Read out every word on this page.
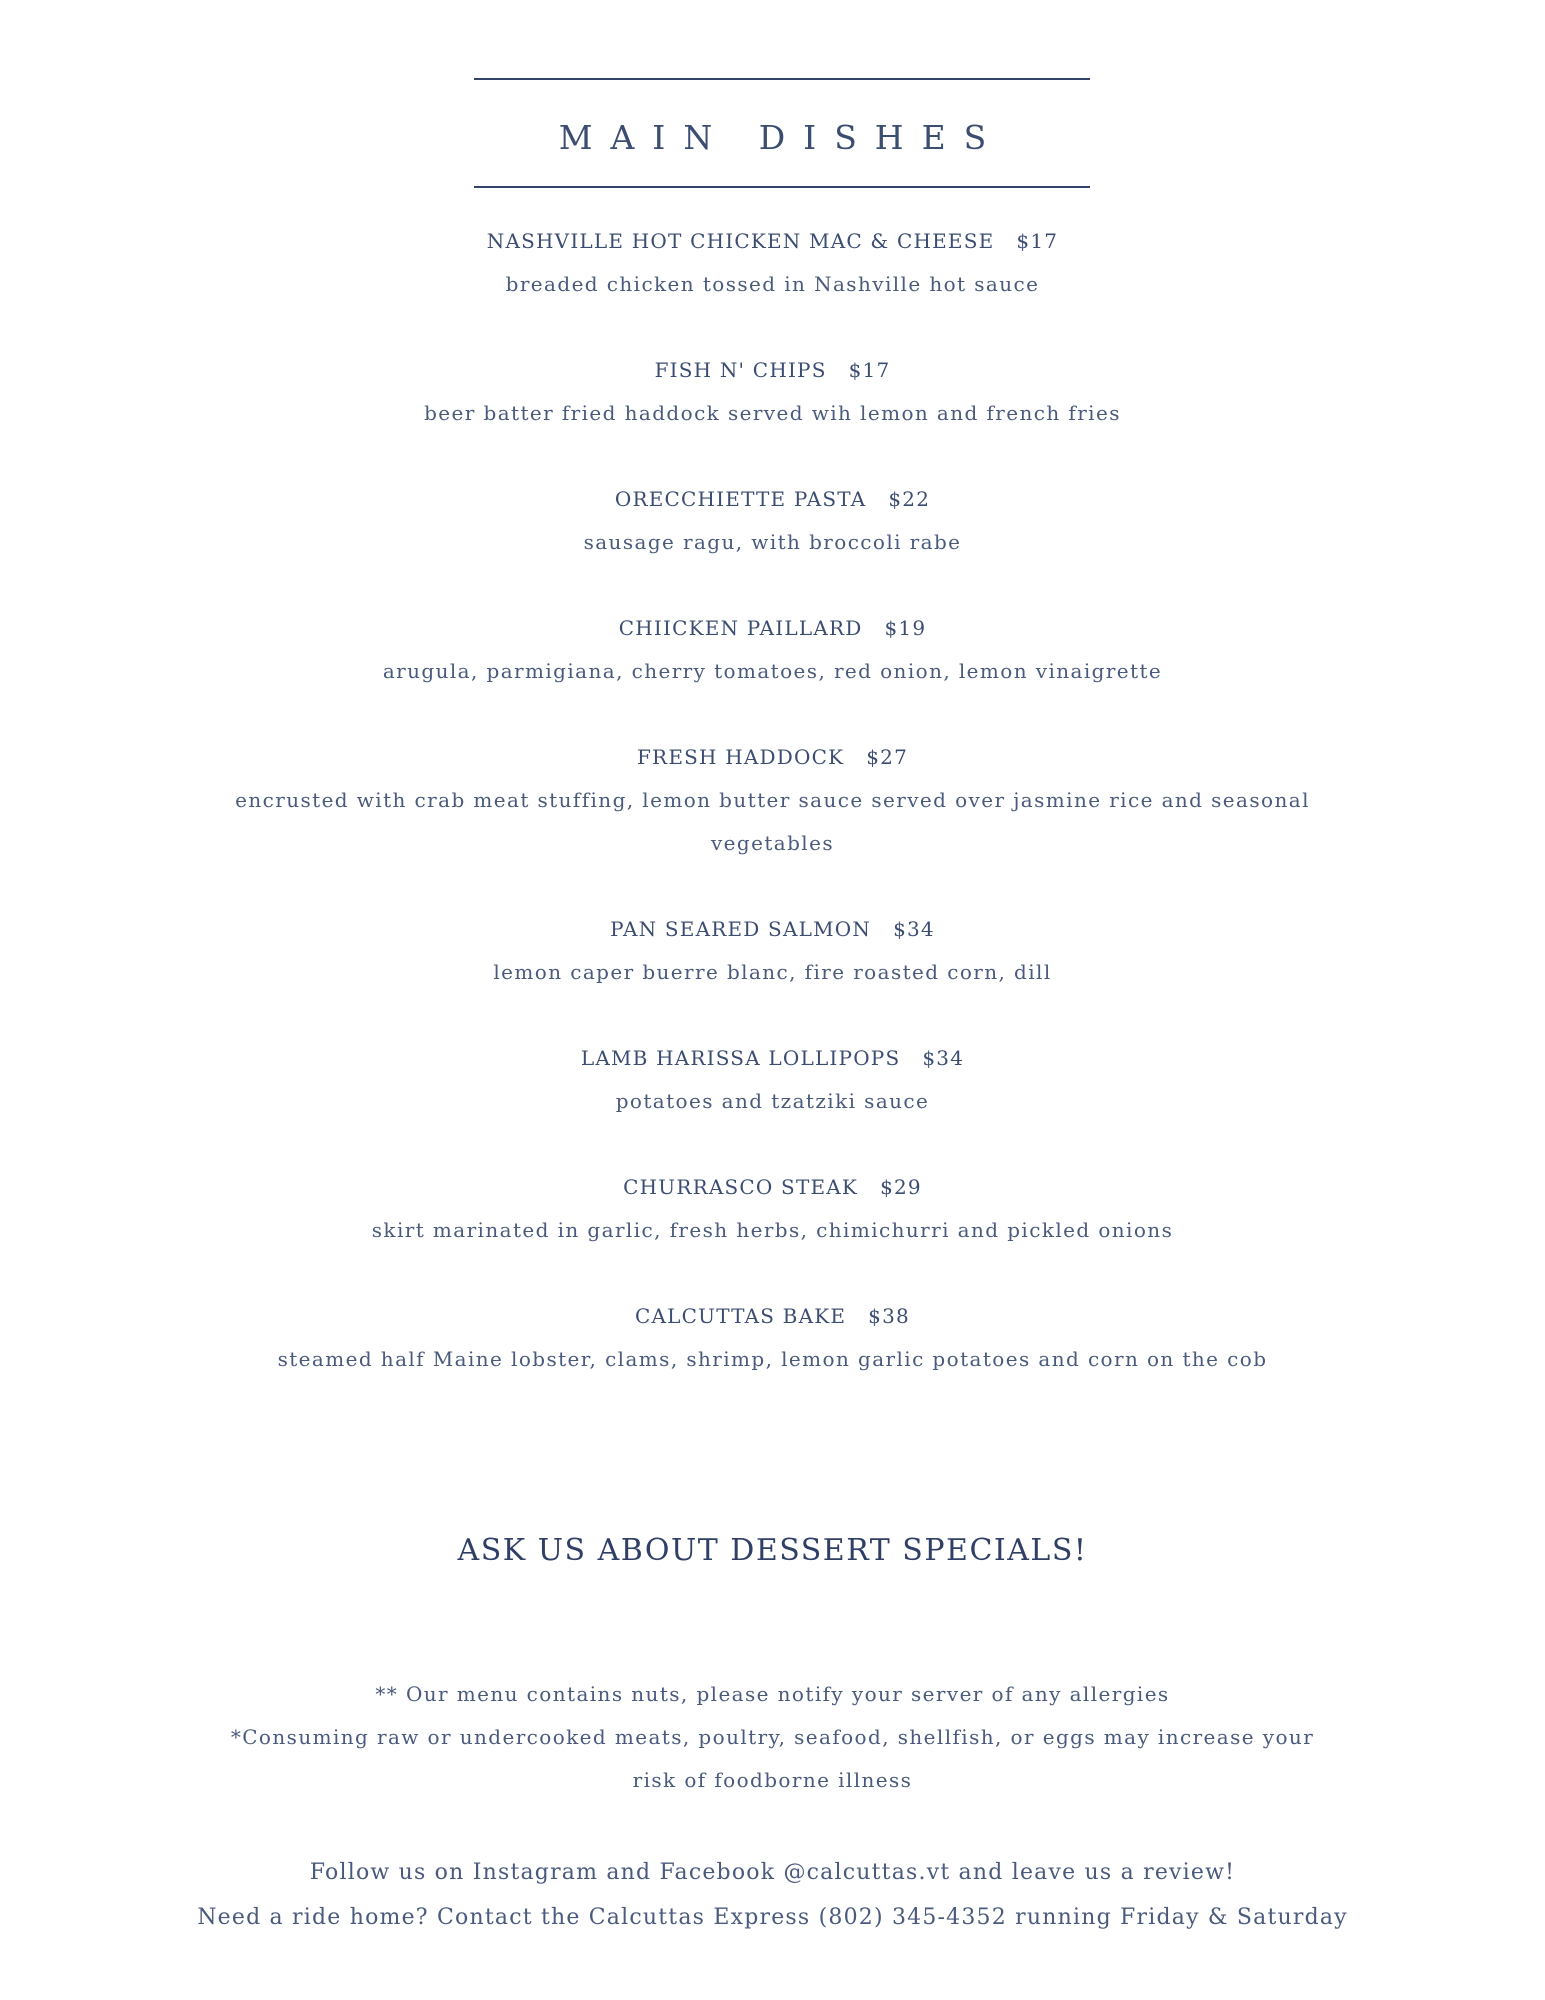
MAIN DISHES
NASHVILLE HOT CHICKEN MAC & CHEESE $17
breaded chicken tossed in Nashville hot sauce
FISH N' CHIPS $17
beer batter fried haddock served wih lemon and french fries
ORECCHIETTE PASTA $22
sausage ragu, with broccoli rabe
CHIICKEN PAILLARD $19
arugula, parmigiana, cherry tomatoes, red onion, lemon vinaigrette
FRESH HADDOCK $27
encrusted with crab meat stuffing, lemon butter sauce served over jasmine rice and seasonal vegetables
PAN SEARED SALMON $34
lemon caper buerre blanc, fire roasted corn, dill
LAMB HARISSA LOLLIPOPS $34
potatoes and tzatziki sauce
CHURRASCO STEAK $29
skirt marinated in garlic, fresh herbs, chimichurri and pickled onions
CALCUTTAS BAKE $38
steamed half Maine lobster, clams, shrimp, lemon garlic potatoes and corn on the cob
ASK US ABOUT DESSERT SPECIALS!
** Our menu contains nuts, please notify your server of any allergies
*Consuming raw or undercooked meats, poultry, seafood, shellfish, or eggs may increase your risk of foodborne illness
Follow us on Instagram and Facebook @calcuttas.vt and leave us a review!
Need a ride home? Contact the Calcuttas Express (802) 345-4352 running Friday & Saturday
